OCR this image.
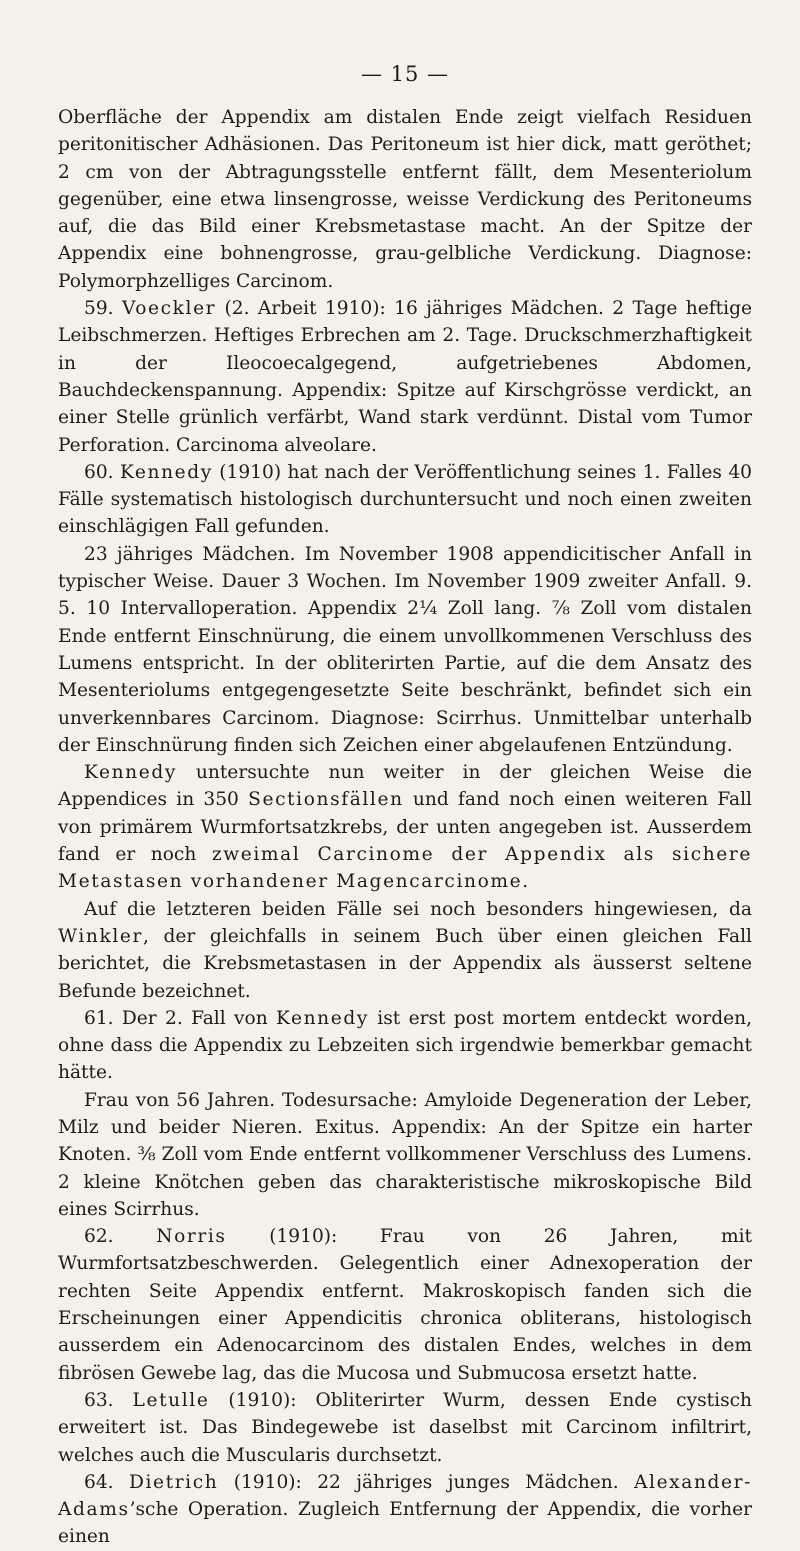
— 15 —

Oberfläche der Appendix am distalen Ende zeigt vielfach Residuen peritonitischer Adhäsionen. Das Peritoneum ist hier dick, matt geröthet; 2 cm von der Abtragungsstelle entfernt fällt, dem Mesenteriolum gegenüber, eine etwa linsengrosse, weisse Verdickung des Peritoneums auf, die das Bild einer Krebsmetastase macht. An der Spitze der Appendix eine bohnengrosse, grau-gelbliche Verdickung. Diagnose: Polymorphzelliges Carcinom.

59. Voeckler (2. Arbeit 1910): 16 jähriges Mädchen. 2 Tage heftige Leibschmerzen. Heftiges Erbrechen am 2. Tage. Druckschmerzhaftigkeit in der Ileocoecalgegend, aufgetriebenes Abdomen, Bauchdeckenspannung. Appendix: Spitze auf Kirschgrösse verdickt, an einer Stelle grünlich verfärbt, Wand stark verdünnt. Distal vom Tumor Perforation. Carcinoma alveolare.

60. Kennedy (1910) hat nach der Veröffentlichung seines 1. Falles 40 Fälle systematisch histologisch durchuntersucht und noch einen zweiten einschlägigen Fall gefunden.

23 jähriges Mädchen. Im November 1908 appendicitischer Anfall in typischer Weise. Dauer 3 Wochen. Im November 1909 zweiter Anfall. 9. 5. 10 Intervalloperation. Appendix 2¼ Zoll lang. ⅞ Zoll vom distalen Ende entfernt Einschnürung, die einem unvollkommenen Verschluss des Lumens entspricht. In der obliterirten Partie, auf die dem Ansatz des Mesenteriolums entgegengesetzte Seite beschränkt, befindet sich ein unverkennbares Carcinom. Diagnose: Scirrhus. Unmittelbar unterhalb der Einschnürung finden sich Zeichen einer abgelaufenen Entzündung.

Kennedy untersuchte nun weiter in der gleichen Weise die Appendices in 350 Sectionsfällen und fand noch einen weiteren Fall von primärem Wurmfortsatzkrebs, der unten angegeben ist. Ausserdem fand er noch zweimal Carcinome der Appendix als sichere Metastasen vorhandener Magencarcinome.

Auf die letzteren beiden Fälle sei noch besonders hingewiesen, da Winkler, der gleichfalls in seinem Buch über einen gleichen Fall berichtet, die Krebsmetastasen in der Appendix als äusserst seltene Befunde bezeichnet.

61. Der 2. Fall von Kennedy ist erst post mortem entdeckt worden, ohne dass die Appendix zu Lebzeiten sich irgendwie bemerkbar gemacht hätte.

Frau von 56 Jahren. Todesursache: Amyloide Degeneration der Leber, Milz und beider Nieren. Exitus. Appendix: An der Spitze ein harter Knoten. ⅜ Zoll vom Ende entfernt vollkommener Verschluss des Lumens. 2 kleine Knötchen geben das charakteristische mikroskopische Bild eines Scirrhus.

62. Norris (1910): Frau von 26 Jahren, mit Wurmfortsatzbeschwerden. Gelegentlich einer Adnexoperation der rechten Seite Appendix entfernt. Makroskopisch fanden sich die Erscheinungen einer Appendicitis chronica obliterans, histologisch ausserdem ein Adenocarcinom des distalen Endes, welches in dem fibrösen Gewebe lag, das die Mucosa und Submucosa ersetzt hatte.

63. Letulle (1910): Obliterirter Wurm, dessen Ende cystisch erweitert ist. Das Bindegewebe ist daselbst mit Carcinom infiltrirt, welches auch die Muscularis durchsetzt.

64. Dietrich (1910): 22 jähriges junges Mädchen. Alexander-Adams’sche Operation. Zugleich Entfernung der Appendix, die vorher einen
